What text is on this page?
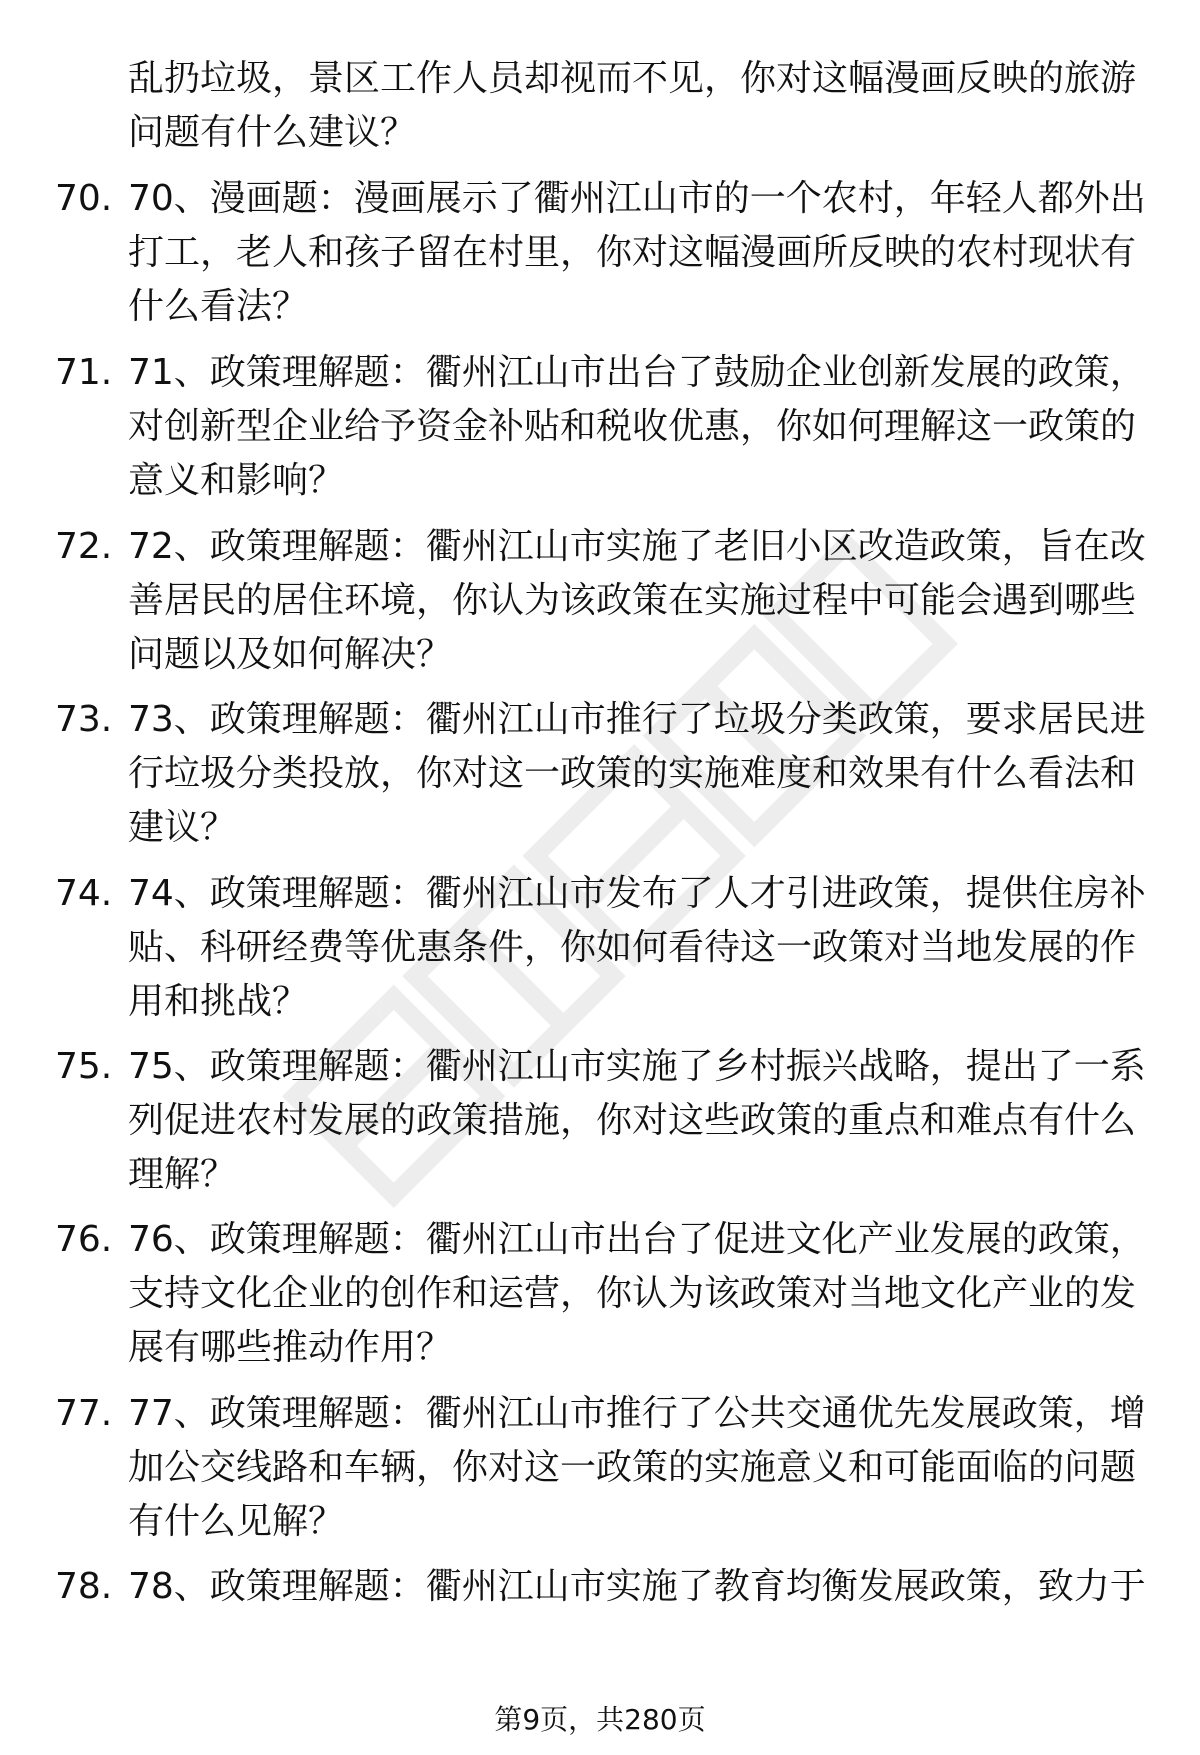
乱扔垃圾，景区工作人员却视而不见，你对这幅漫画反映的旅游问题有什么建议？
70. 70、漫画题：漫画展示了衢州江山市的一个农村，年轻人都外出打工，老人和孩子留在村里，你对这幅漫画所反映的农村现状有什么看法？
71. 71、政策理解题：衢州江山市出台了鼓励企业创新发展的政策，对创新型企业给予资金补贴和税收优惠，你如何理解这一政策的意义和影响？
72. 72、政策理解题：衢州江山市实施了老旧小区改造政策，旨在改善居民的居住环境，你认为该政策在实施过程中可能会遇到哪些问题以及如何解决？
73. 73、政策理解题：衢州江山市推行了垃圾分类政策，要求居民进行垃圾分类投放，你对这一政策的实施难度和效果有什么看法和建议？
74. 74、政策理解题：衢州江山市发布了人才引进政策，提供住房补贴、科研经费等优惠条件，你如何看待这一政策对当地发展的作用和挑战？
75. 75、政策理解题：衢州江山市实施了乡村振兴战略，提出了一系列促进农村发展的政策措施，你对这些政策的重点和难点有什么理解？
76. 76、政策理解题：衢州江山市出台了促进文化产业发展的政策，支持文化企业的创作和运营，你认为该政策对当地文化产业的发展有哪些推动作用？
77. 77、政策理解题：衢州江山市推行了公共交通优先发展政策，增加公交线路和车辆，你对这一政策的实施意义和可能面临的问题有什么见解？
78. 78、政策理解题：衢州江山市实施了教育均衡发展政策，致力于
第9页，共280页
